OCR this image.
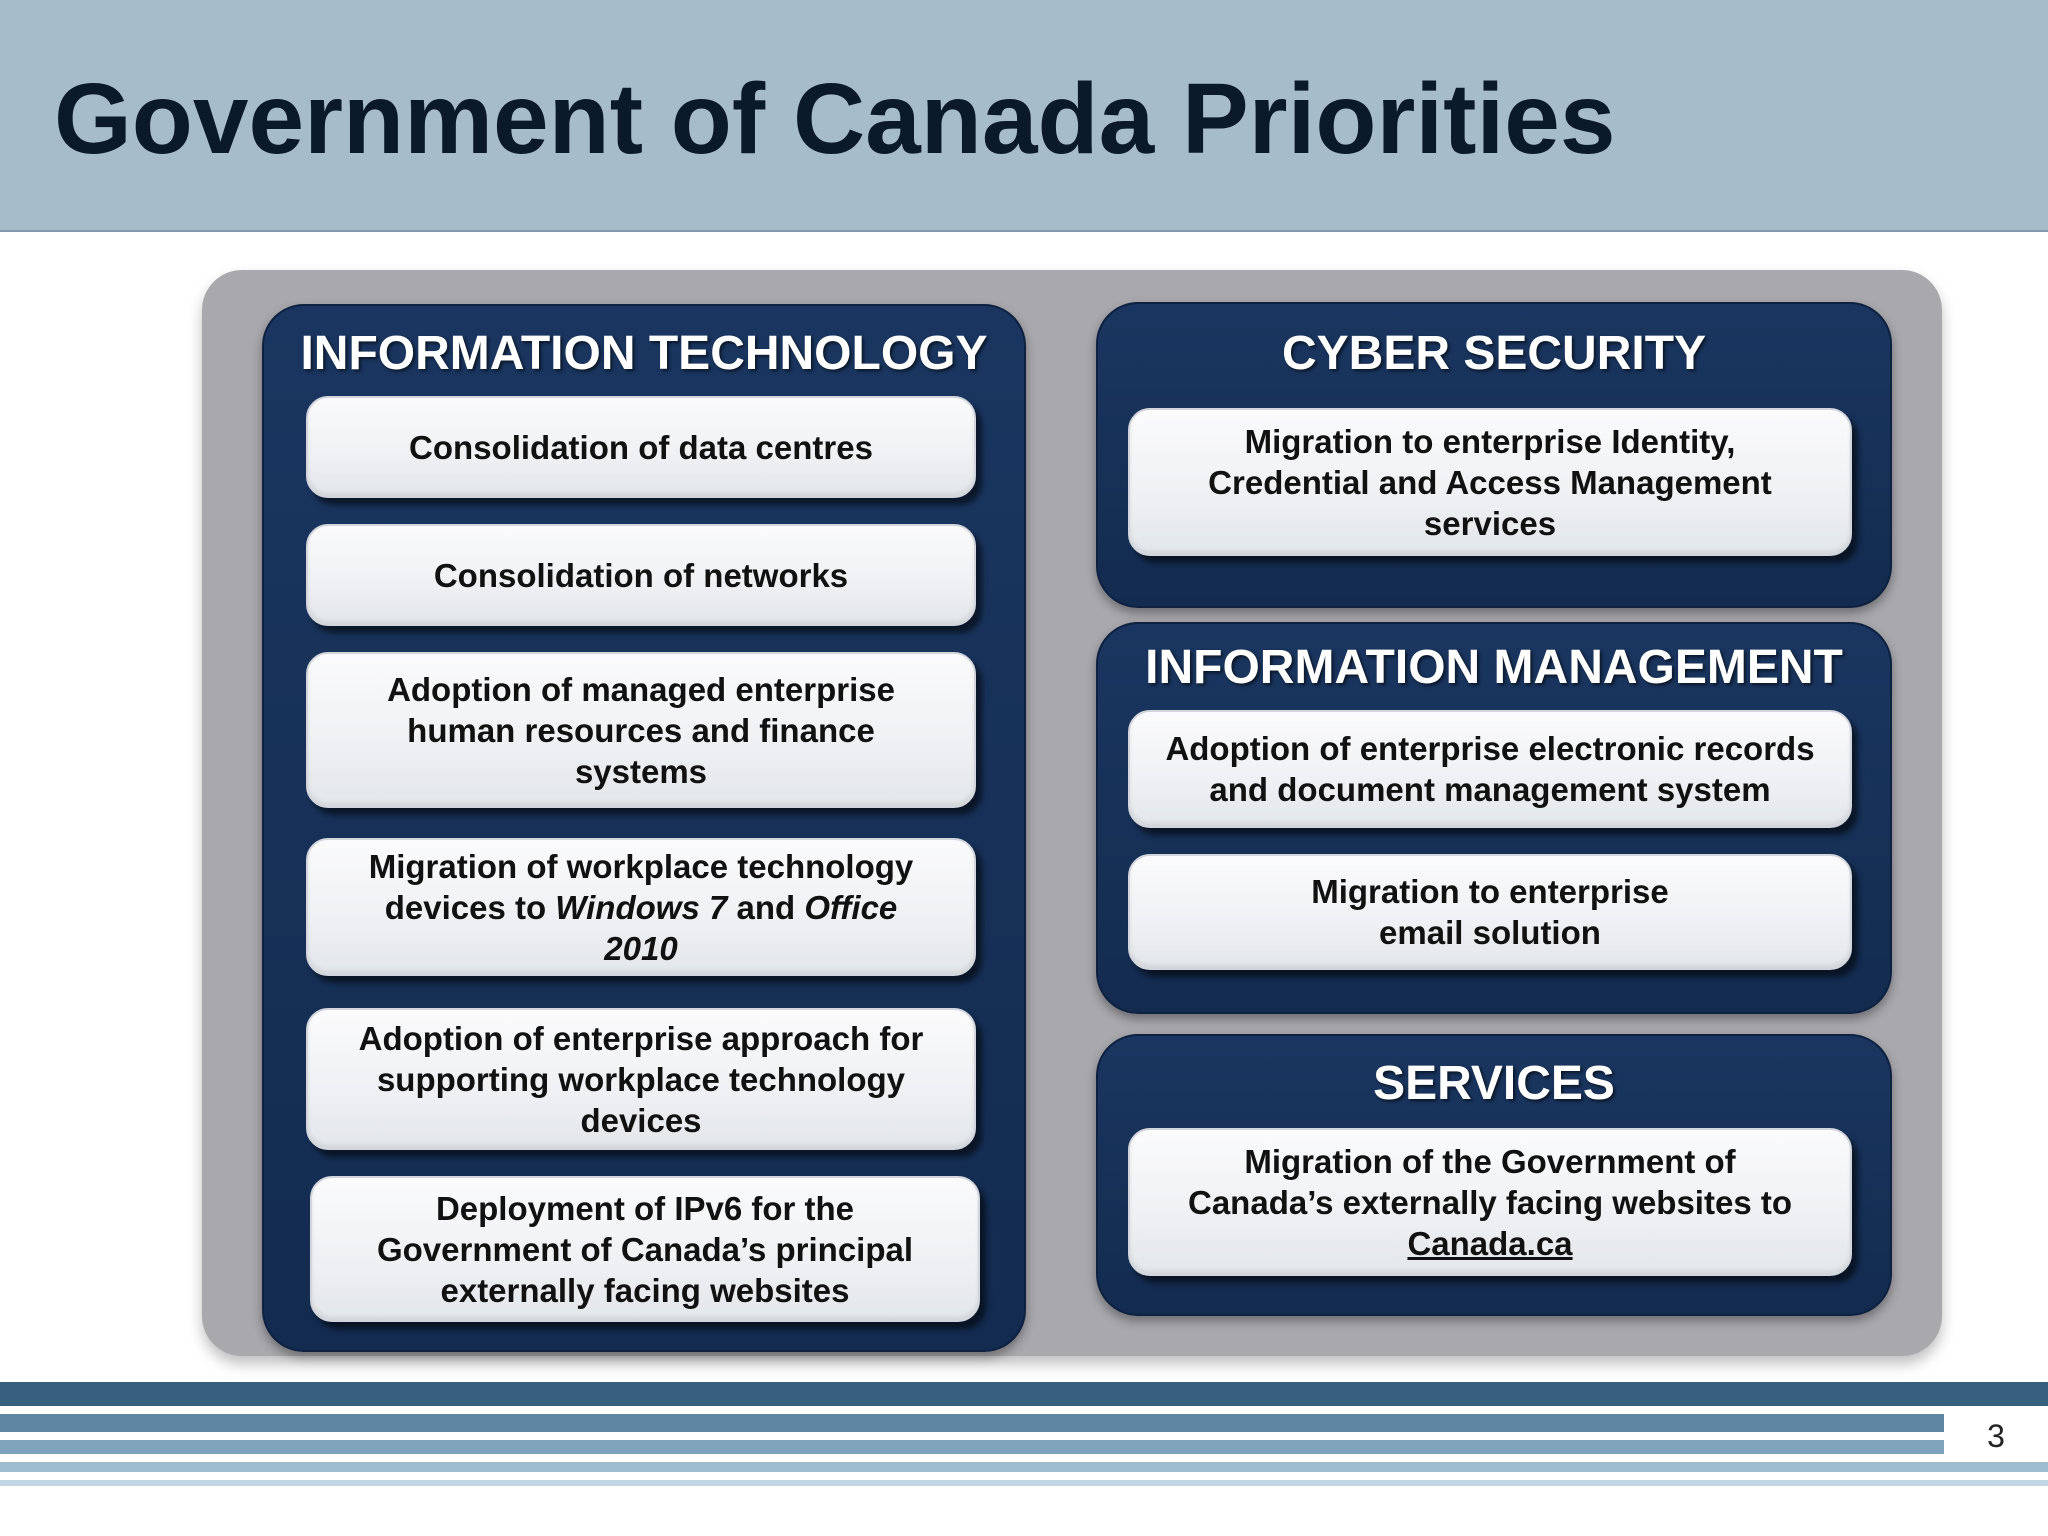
Government of Canada Priorities
INFORMATION TECHNOLOGY
Consolidation of data centres
Consolidation of networks
Adoption of managed enterprise
human resources and finance
systems
Migration of workplace technology
devices to Windows 7 and Office
2010
Adoption of enterprise approach for
supporting workplace technology
devices
Deployment of IPv6 for the
Government of Canada’s principal
externally facing websites
CYBER SECURITY
Migration to enterprise Identity,
Credential and Access Management
services
INFORMATION MANAGEMENT
Adoption of enterprise electronic records
and document management system
Migration to enterprise
email solution
SERVICES
Migration of the Government of
Canada’s externally facing websites to
Canada.ca
3
